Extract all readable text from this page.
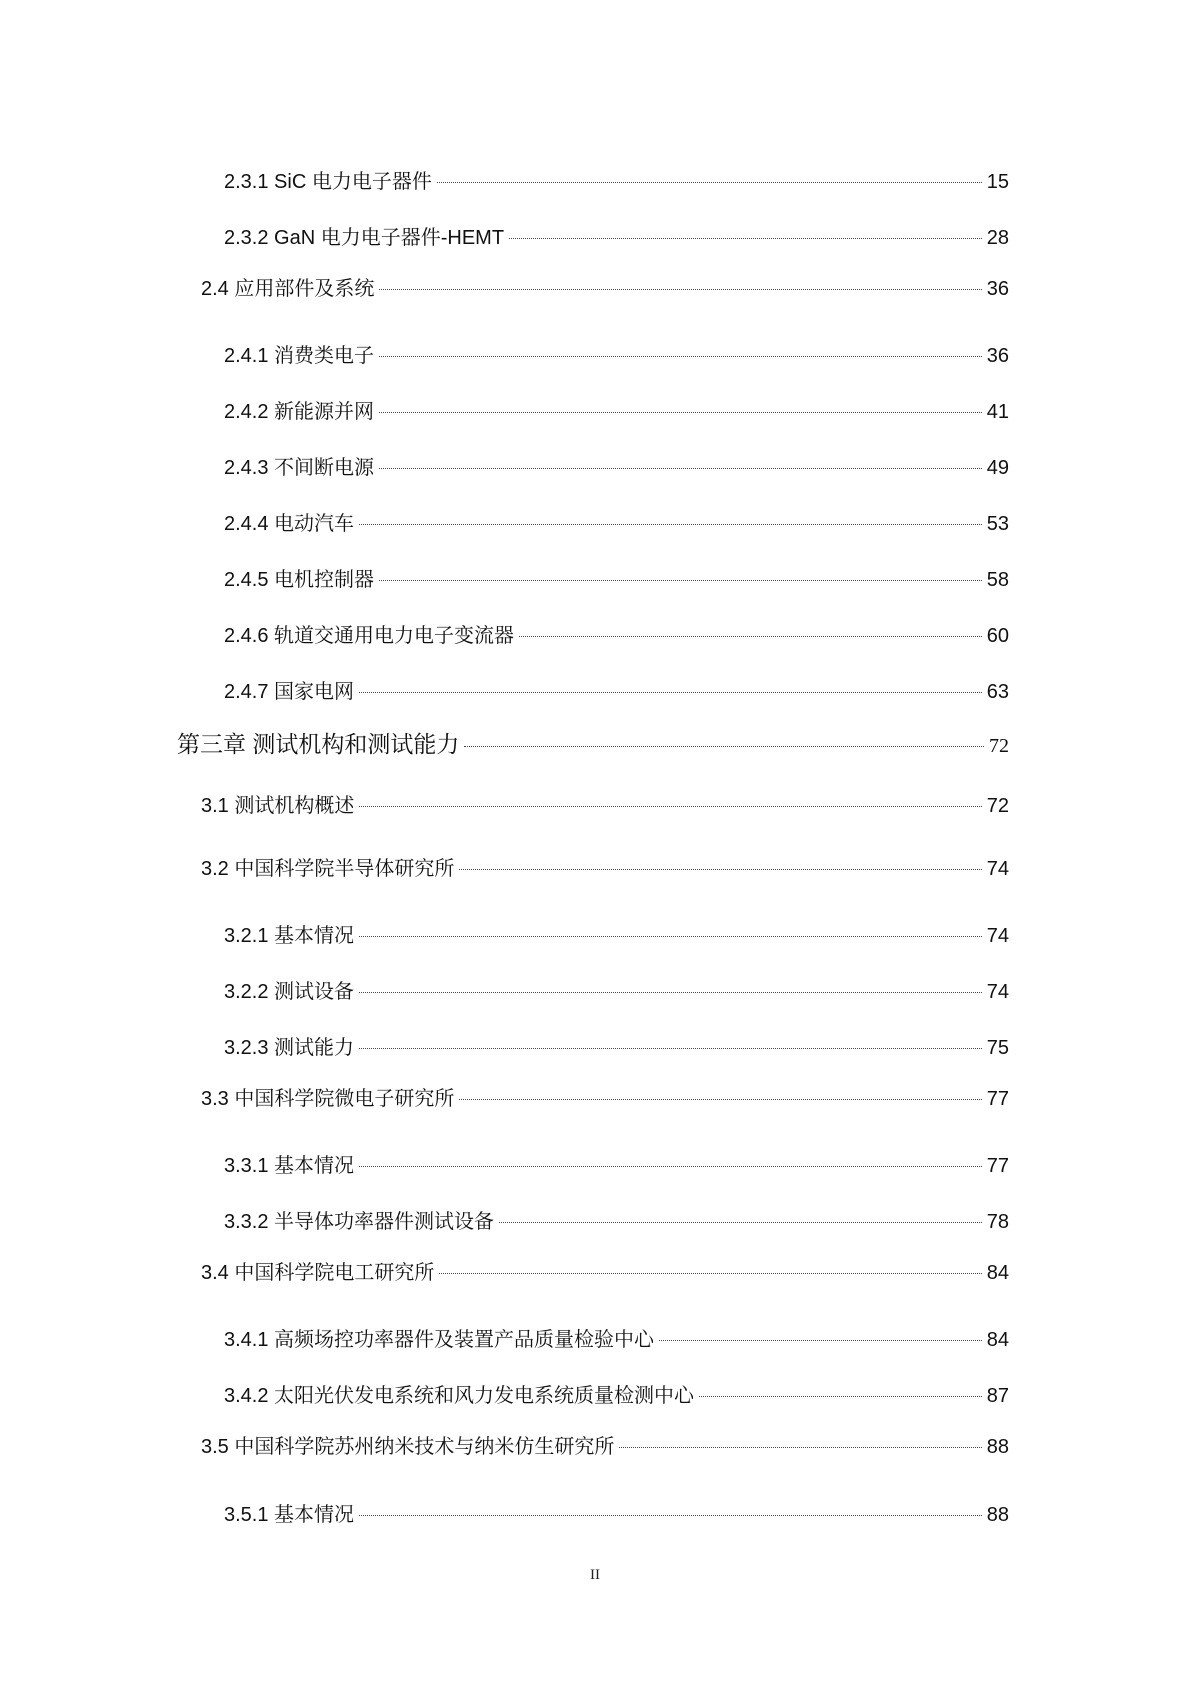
2.3.1 SiC 电力电子器件	15
2.3.2 GaN 电力电子器件-HEMT	28
2.4 应用部件及系统	36
2.4.1 消费类电子	36
2.4.2 新能源并网	41
2.4.3 不间断电源	49
2.4.4 电动汽车	53
2.4.5 电机控制器	58
2.4.6 轨道交通用电力电子变流器	60
2.4.7 国家电网	63
第三章 测试机构和测试能力	72
3.1 测试机构概述	72
3.2 中国科学院半导体研究所	74
3.2.1 基本情况	74
3.2.2 测试设备	74
3.2.3 测试能力	75
3.3 中国科学院微电子研究所	77
3.3.1 基本情况	77
3.3.2 半导体功率器件测试设备	78
3.4 中国科学院电工研究所	84
3.4.1 高频场控功率器件及装置产品质量检验中心	84
3.4.2 太阳光伏发电系统和风力发电系统质量检测中心	87
3.5 中国科学院苏州纳米技术与纳米仿生研究所	88
3.5.1 基本情况	88
II
